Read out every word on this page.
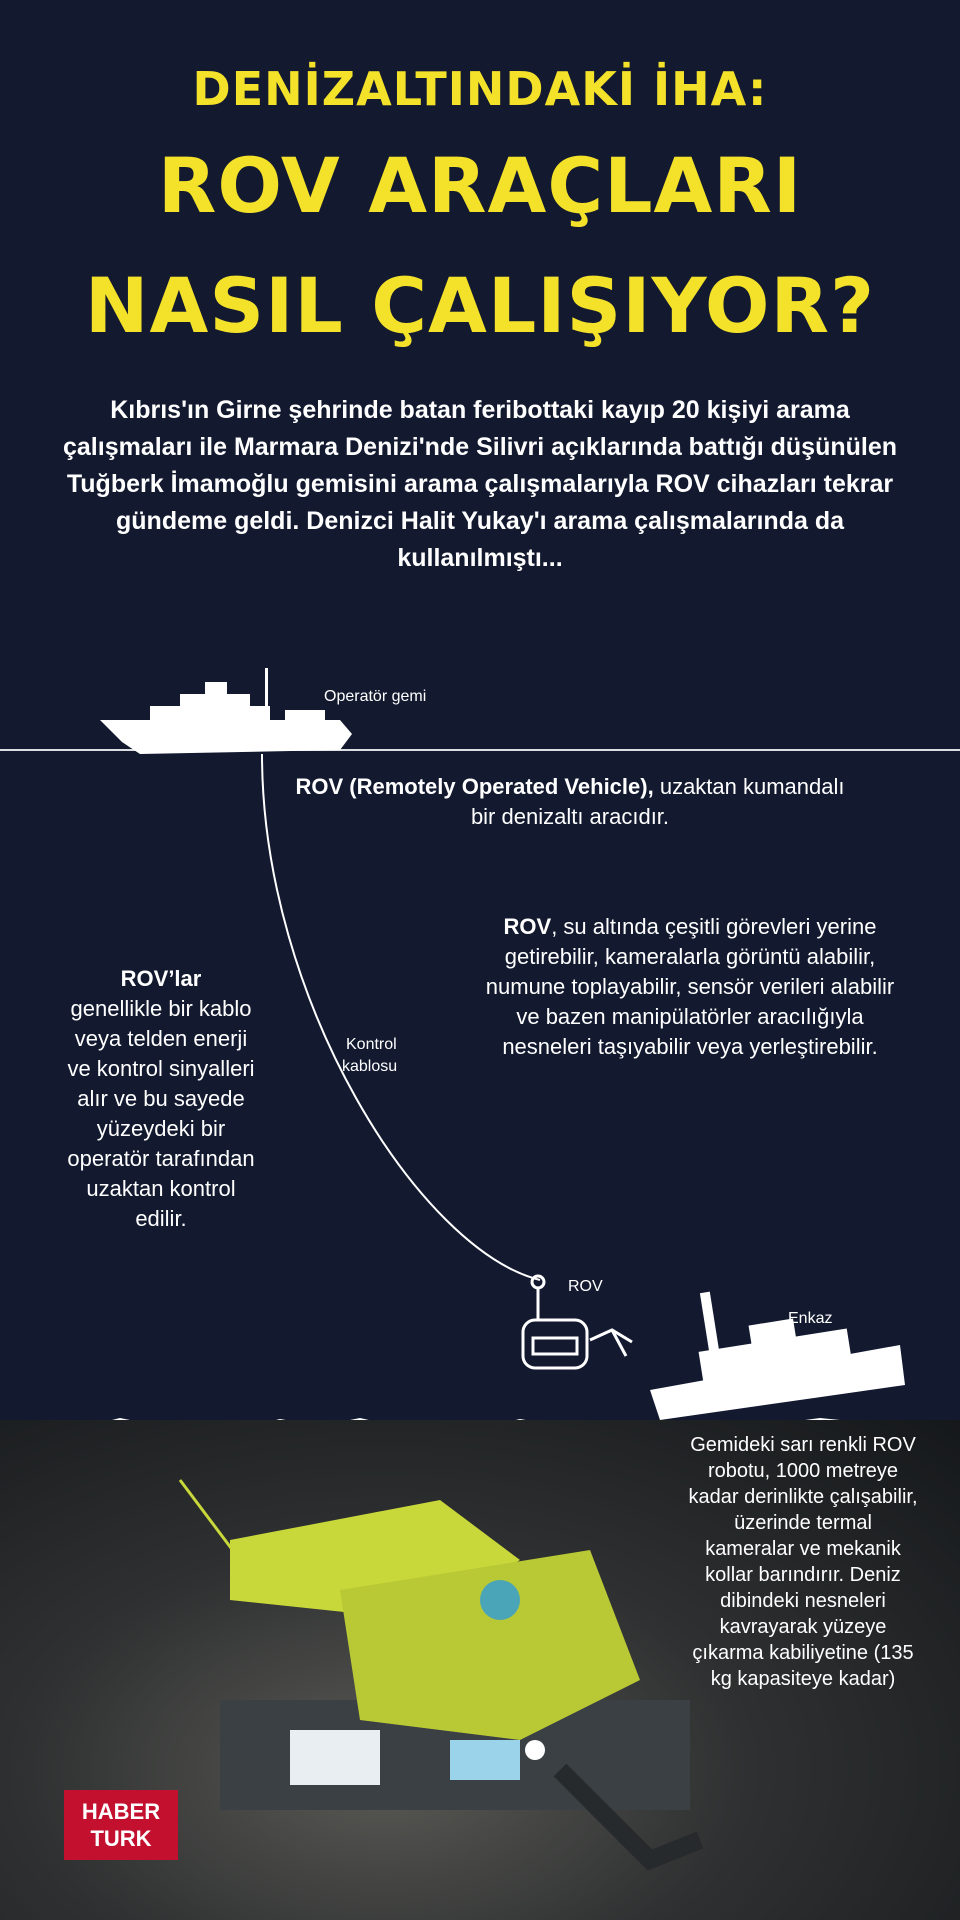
DENİZALTINDAKİ İHA:
ROV ARAÇLARI
NASIL ÇALIŞIYOR?

Kıbrıs'ın Girne şehrinde batan feribottaki kayıp 20 kişiyi arama çalışmaları ile Marmara Denizi'nde Silivri açıklarında battığı düşünülen Tuğberk İmamoğlu gemisini arama çalışmalarıyla ROV cihazları tekrar gündeme geldi. Denizci Halit Yukay'ı arama çalışmalarında da kullanılmıştı...

Operatör gemi
Kontrol
kablosu
ROV
Enkaz
ROV (Remotely Operated Vehicle), uzaktan kumandalı bir denizaltı aracıdır.
ROV, su altında çeşitli görevleri yerine getirebilir, kameralarla görüntü alabilir, numune toplayabilir, sensör verileri alabilir ve bazen manipülatörler aracılığıyla nesneleri taşıyabilir veya yerleştirebilir.
ROV’lar
genellikle bir kablo veya telden enerji ve kontrol sinyalleri alır ve bu sayede yüzeydeki bir operatör tarafından uzaktan kontrol edilir.
Gemideki sarı renkli ROV robotu, 1000 metreye kadar derinlikte çalışabilir, üzerinde termal kameralar ve mekanik kollar barındırır. Deniz dibindeki nesneleri kavrayarak yüzeye çıkarma kabiliyetine (135 kg kapasiteye kadar)
HABER
TURK
